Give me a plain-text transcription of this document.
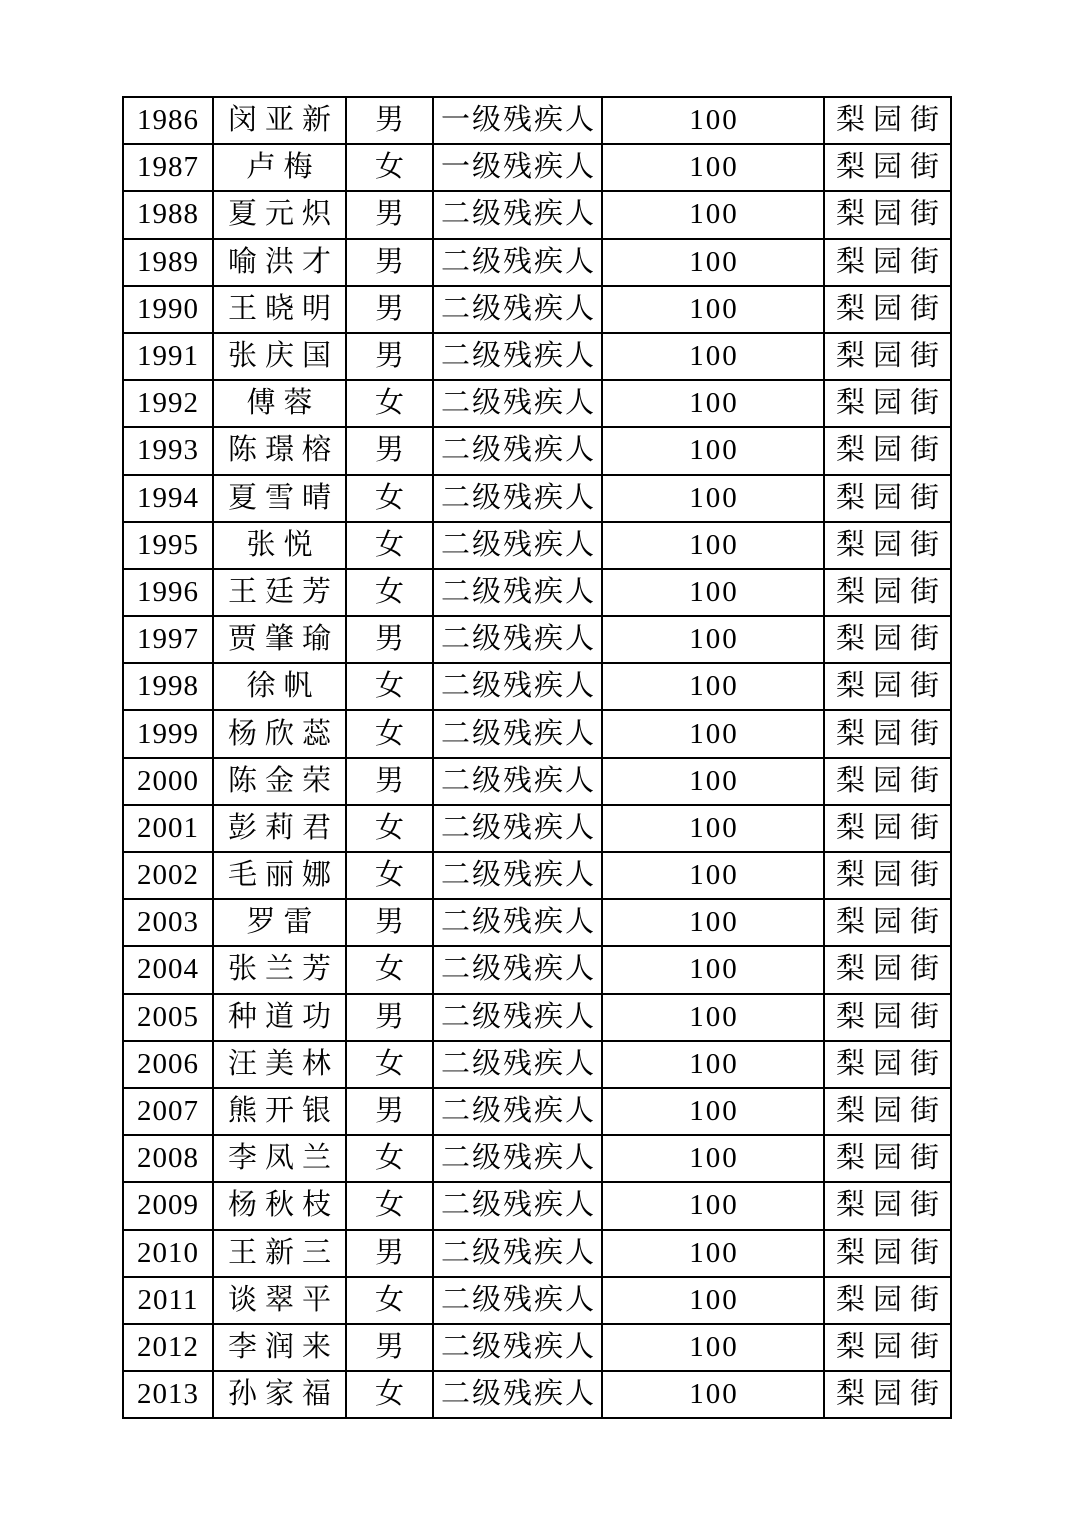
1986	闵亚新	男	一级残疾人	100	梨园街
1987	卢梅	女	一级残疾人	100	梨园街
1988	夏元炽	男	二级残疾人	100	梨园街
1989	喻洪才	男	二级残疾人	100	梨园街
1990	王晓明	男	二级残疾人	100	梨园街
1991	张庆国	男	二级残疾人	100	梨园街
1992	傅蓉	女	二级残疾人	100	梨园街
1993	陈璟榕	男	二级残疾人	100	梨园街
1994	夏雪晴	女	二级残疾人	100	梨园街
1995	张悦	女	二级残疾人	100	梨园街
1996	王廷芳	女	二级残疾人	100	梨园街
1997	贾肇瑜	男	二级残疾人	100	梨园街
1998	徐帆	女	二级残疾人	100	梨园街
1999	杨欣蕊	女	二级残疾人	100	梨园街
2000	陈金荣	男	二级残疾人	100	梨园街
2001	彭莉君	女	二级残疾人	100	梨园街
2002	毛丽娜	女	二级残疾人	100	梨园街
2003	罗雷	男	二级残疾人	100	梨园街
2004	张兰芳	女	二级残疾人	100	梨园街
2005	种道功	男	二级残疾人	100	梨园街
2006	汪美林	女	二级残疾人	100	梨园街
2007	熊开银	男	二级残疾人	100	梨园街
2008	李凤兰	女	二级残疾人	100	梨园街
2009	杨秋枝	女	二级残疾人	100	梨园街
2010	王新三	男	二级残疾人	100	梨园街
2011	谈翠平	女	二级残疾人	100	梨园街
2012	李润来	男	二级残疾人	100	梨园街
2013	孙家福	女	二级残疾人	100	梨园街
